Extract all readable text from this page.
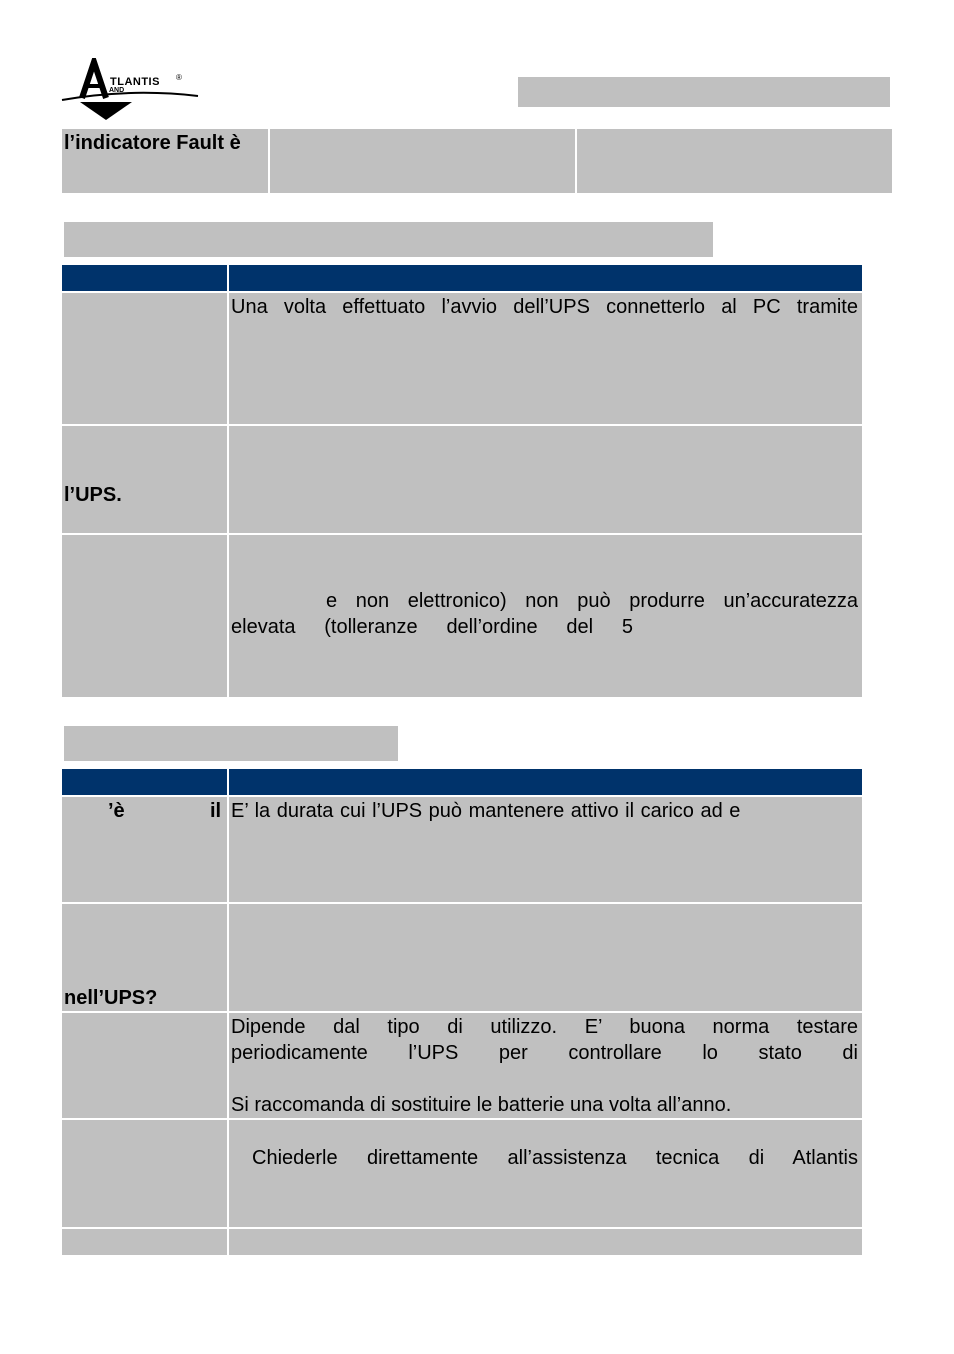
TLANTIS ®
AND
l’indicatore Fault è
Una volta effettuato l’avvio dell’UPS connetterlo al PC tramite
l’UPS.
e non elettronico) non può produrre un’accuratezza
elevata (tolleranze dell’ordine del 5
’è	il E’ la durata cui l’UPS può mantenere attivo il carico ad e
nell’UPS?
Dipende dal tipo di utilizzo. E’ buona norma testare
periodicamente l’UPS per controllare lo stato di
Si raccomanda di sostituire le batterie una volta all’anno.
Chiederle direttamente all’assistenza tecnica di Atlantis
